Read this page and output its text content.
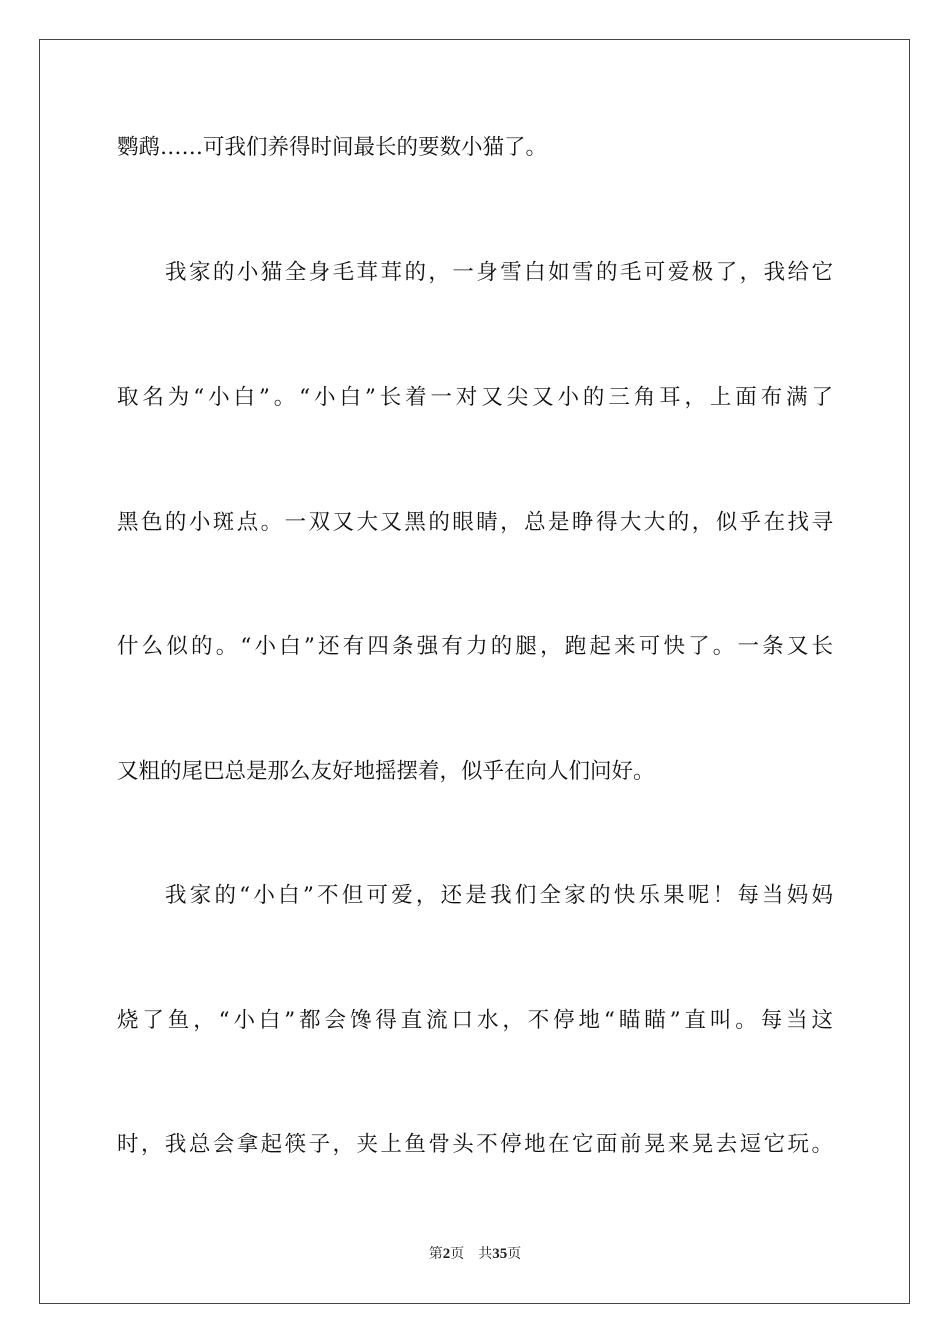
鹦鹉……可我们养得时间最长的要数小猫了。
我家的小猫全身毛茸茸的，一身雪白如雪的毛可爱极了，我给它
取名为“小白”。“小白”长着一对又尖又小的三角耳，上面布满了
黑色的小斑点。一双又大又黑的眼睛，总是睁得大大的，似乎在找寻
什么似的。“小白”还有四条强有力的腿，跑起来可快了。一条又长
又粗的尾巴总是那么友好地摇摆着，似乎在向人们问好。
我家的“小白”不但可爱，还是我们全家的快乐果呢！每当妈妈
烧了鱼，“小白”都会馋得直流口水，不停地“瞄瞄”直叫。每当这
时，我总会拿起筷子，夹上鱼骨头不停地在它面前晃来晃去逗它玩。
第2页 共35页
